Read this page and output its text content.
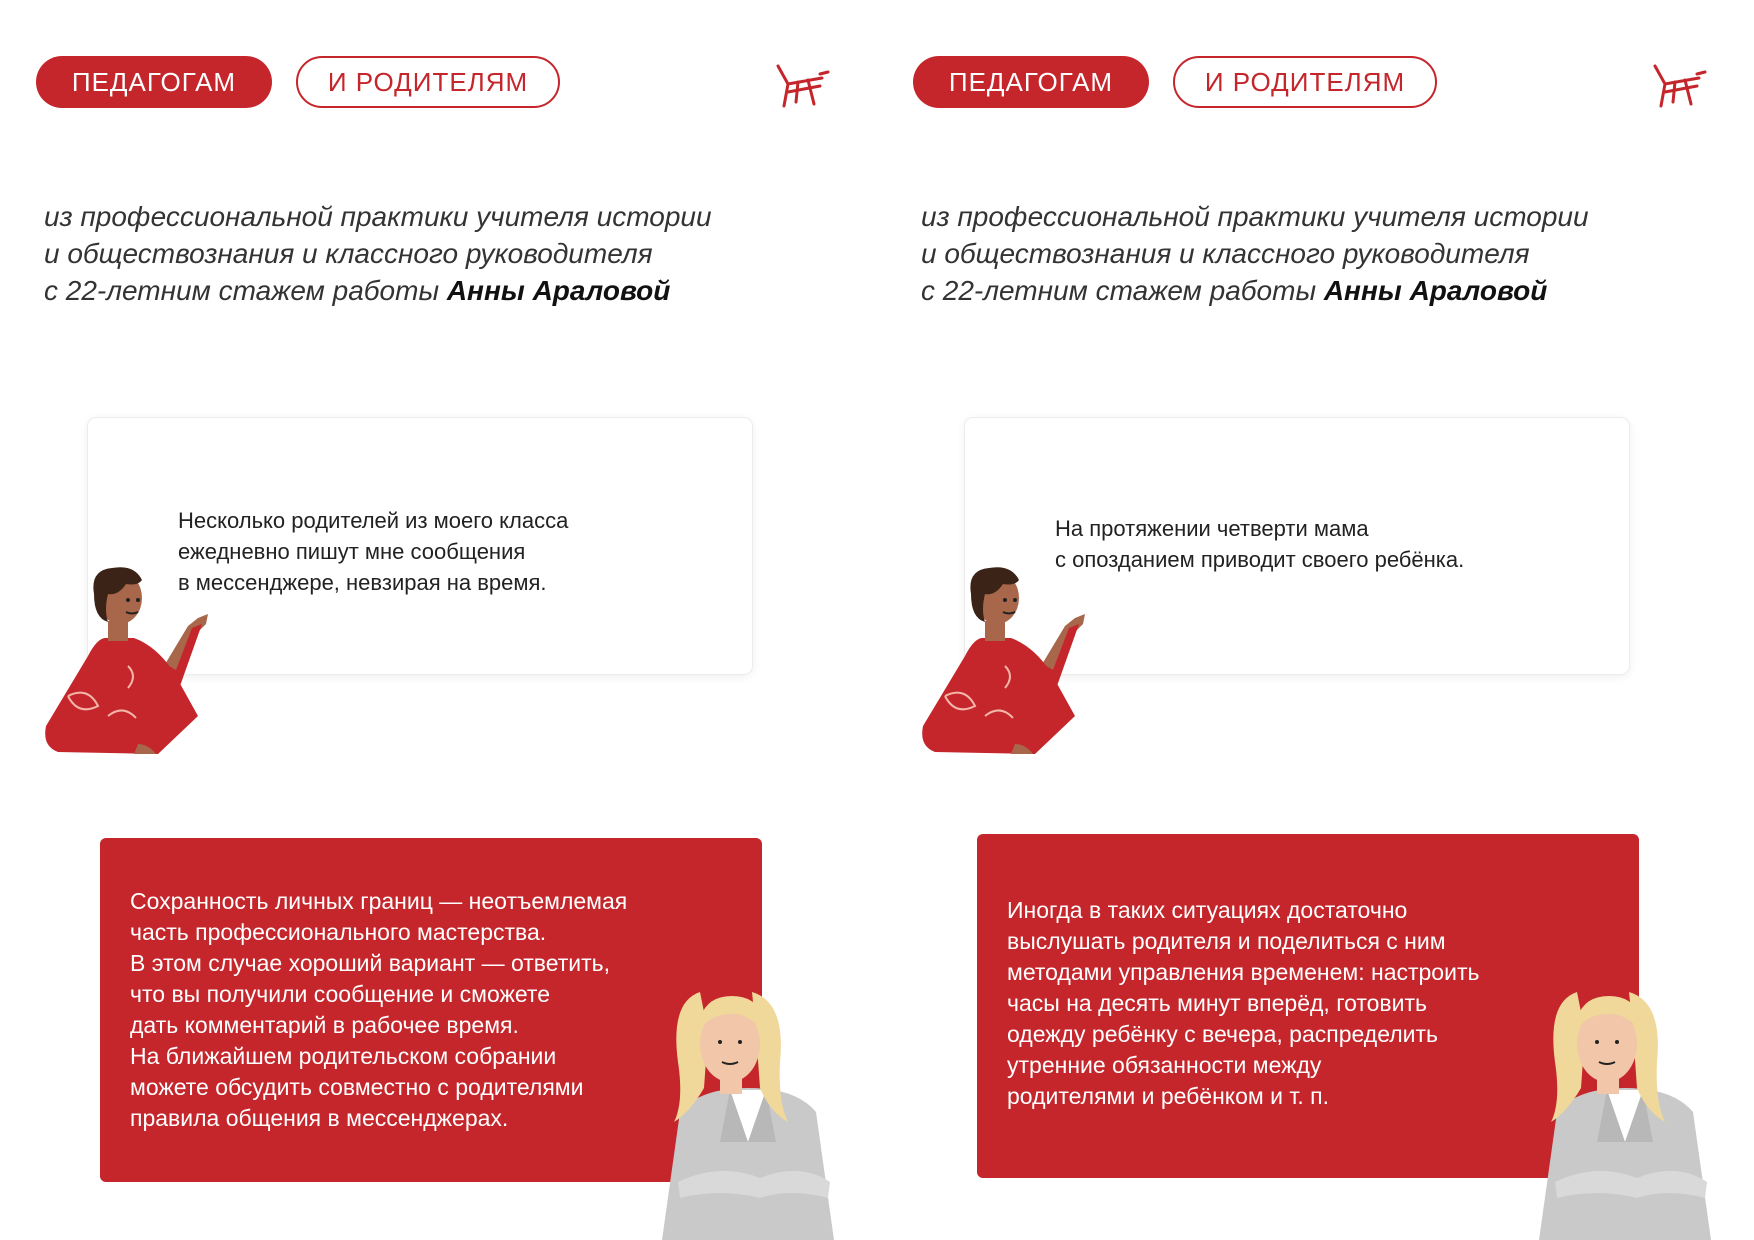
ПЕДАГОГАМ	И РОДИТЕЛЯМ
из профессиональной практики учителя истории
и обществознания и классного руководителя
с 22-летним стажем работы Анны Араловой
Несколько родителей из моего класса
ежедневно пишут мне сообщения
в мессенджере, невзирая на время.
Сохранность личных границ — неотъемлемая
часть профессионального мастерства.
В этом случае хороший вариант — ответить,
что вы получили сообщение и сможете
дать комментарий в рабочее время.
На ближайшем родительском собрании
можете обсудить совместно с родителями
правила общения в мессенджерах.
ПЕДАГОГАМ	И РОДИТЕЛЯМ
из профессиональной практики учителя истории
и обществознания и классного руководителя
с 22-летним стажем работы Анны Араловой
На протяжении четверти мама
с опозданием приводит своего ребёнка.
Иногда в таких ситуациях достаточно
выслушать родителя и поделиться с ним
методами управления временем: настроить
часы на десять минут вперёд, готовить
одежду ребёнку с вечера, распределить
утренние обязанности между
родителями и ребёнком и т. п.
